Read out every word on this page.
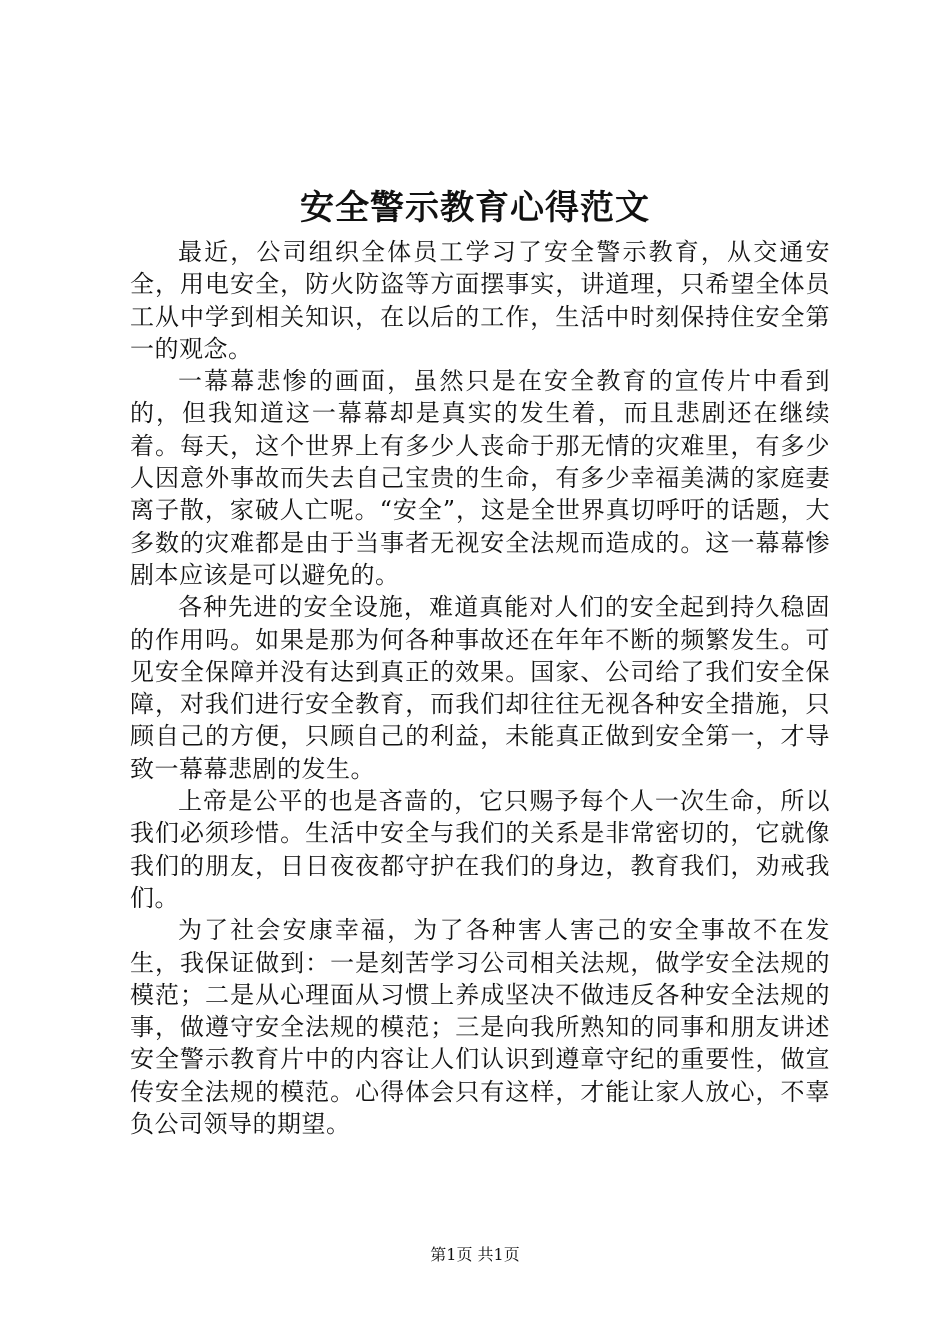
安全警示教育心得范文

最近，公司组织全体员工学习了安全警示教育，从交通安全，用电安全，防火防盗等方面摆事实，讲道理，只希望全体员工从中学到相关知识，在以后的工作，生活中时刻保持住安全第一的观念。

一幕幕悲惨的画面，虽然只是在安全教育的宣传片中看到的，但我知道这一幕幕却是真实的发生着，而且悲剧还在继续着。每天，这个世界上有多少人丧命于那无情的灾难里，有多少人因意外事故而失去自己宝贵的生命，有多少幸福美满的家庭妻离子散，家破人亡呢。“安全”，这是全世界真切呼吁的话题，大多数的灾难都是由于当事者无视安全法规而造成的。这一幕幕惨剧本应该是可以避免的。

各种先进的安全设施，难道真能对人们的安全起到持久稳固的作用吗。如果是那为何各种事故还在年年不断的频繁发生。可见安全保障并没有达到真正的效果。国家、公司给了我们安全保障，对我们进行安全教育，而我们却往往无视各种安全措施，只顾自己的方便，只顾自己的利益，未能真正做到安全第一，才导致一幕幕悲剧的发生。

上帝是公平的也是吝啬的，它只赐予每个人一次生命，所以我们必须珍惜。生活中安全与我们的关系是非常密切的，它就像我们的朋友，日日夜夜都守护在我们的身边，教育我们，劝戒我们。

为了社会安康幸福，为了各种害人害己的安全事故不在发生，我保证做到：一是刻苦学习公司相关法规，做学安全法规的模范；二是从心理面从习惯上养成坚决不做违反各种安全法规的事，做遵守安全法规的模范；三是向我所熟知的同事和朋友讲述安全警示教育片中的内容让人们认识到遵章守纪的重要性，做宣传安全法规的模范。心得体会只有这样，才能让家人放心，不辜负公司领导的期望。

第1页 共1页
